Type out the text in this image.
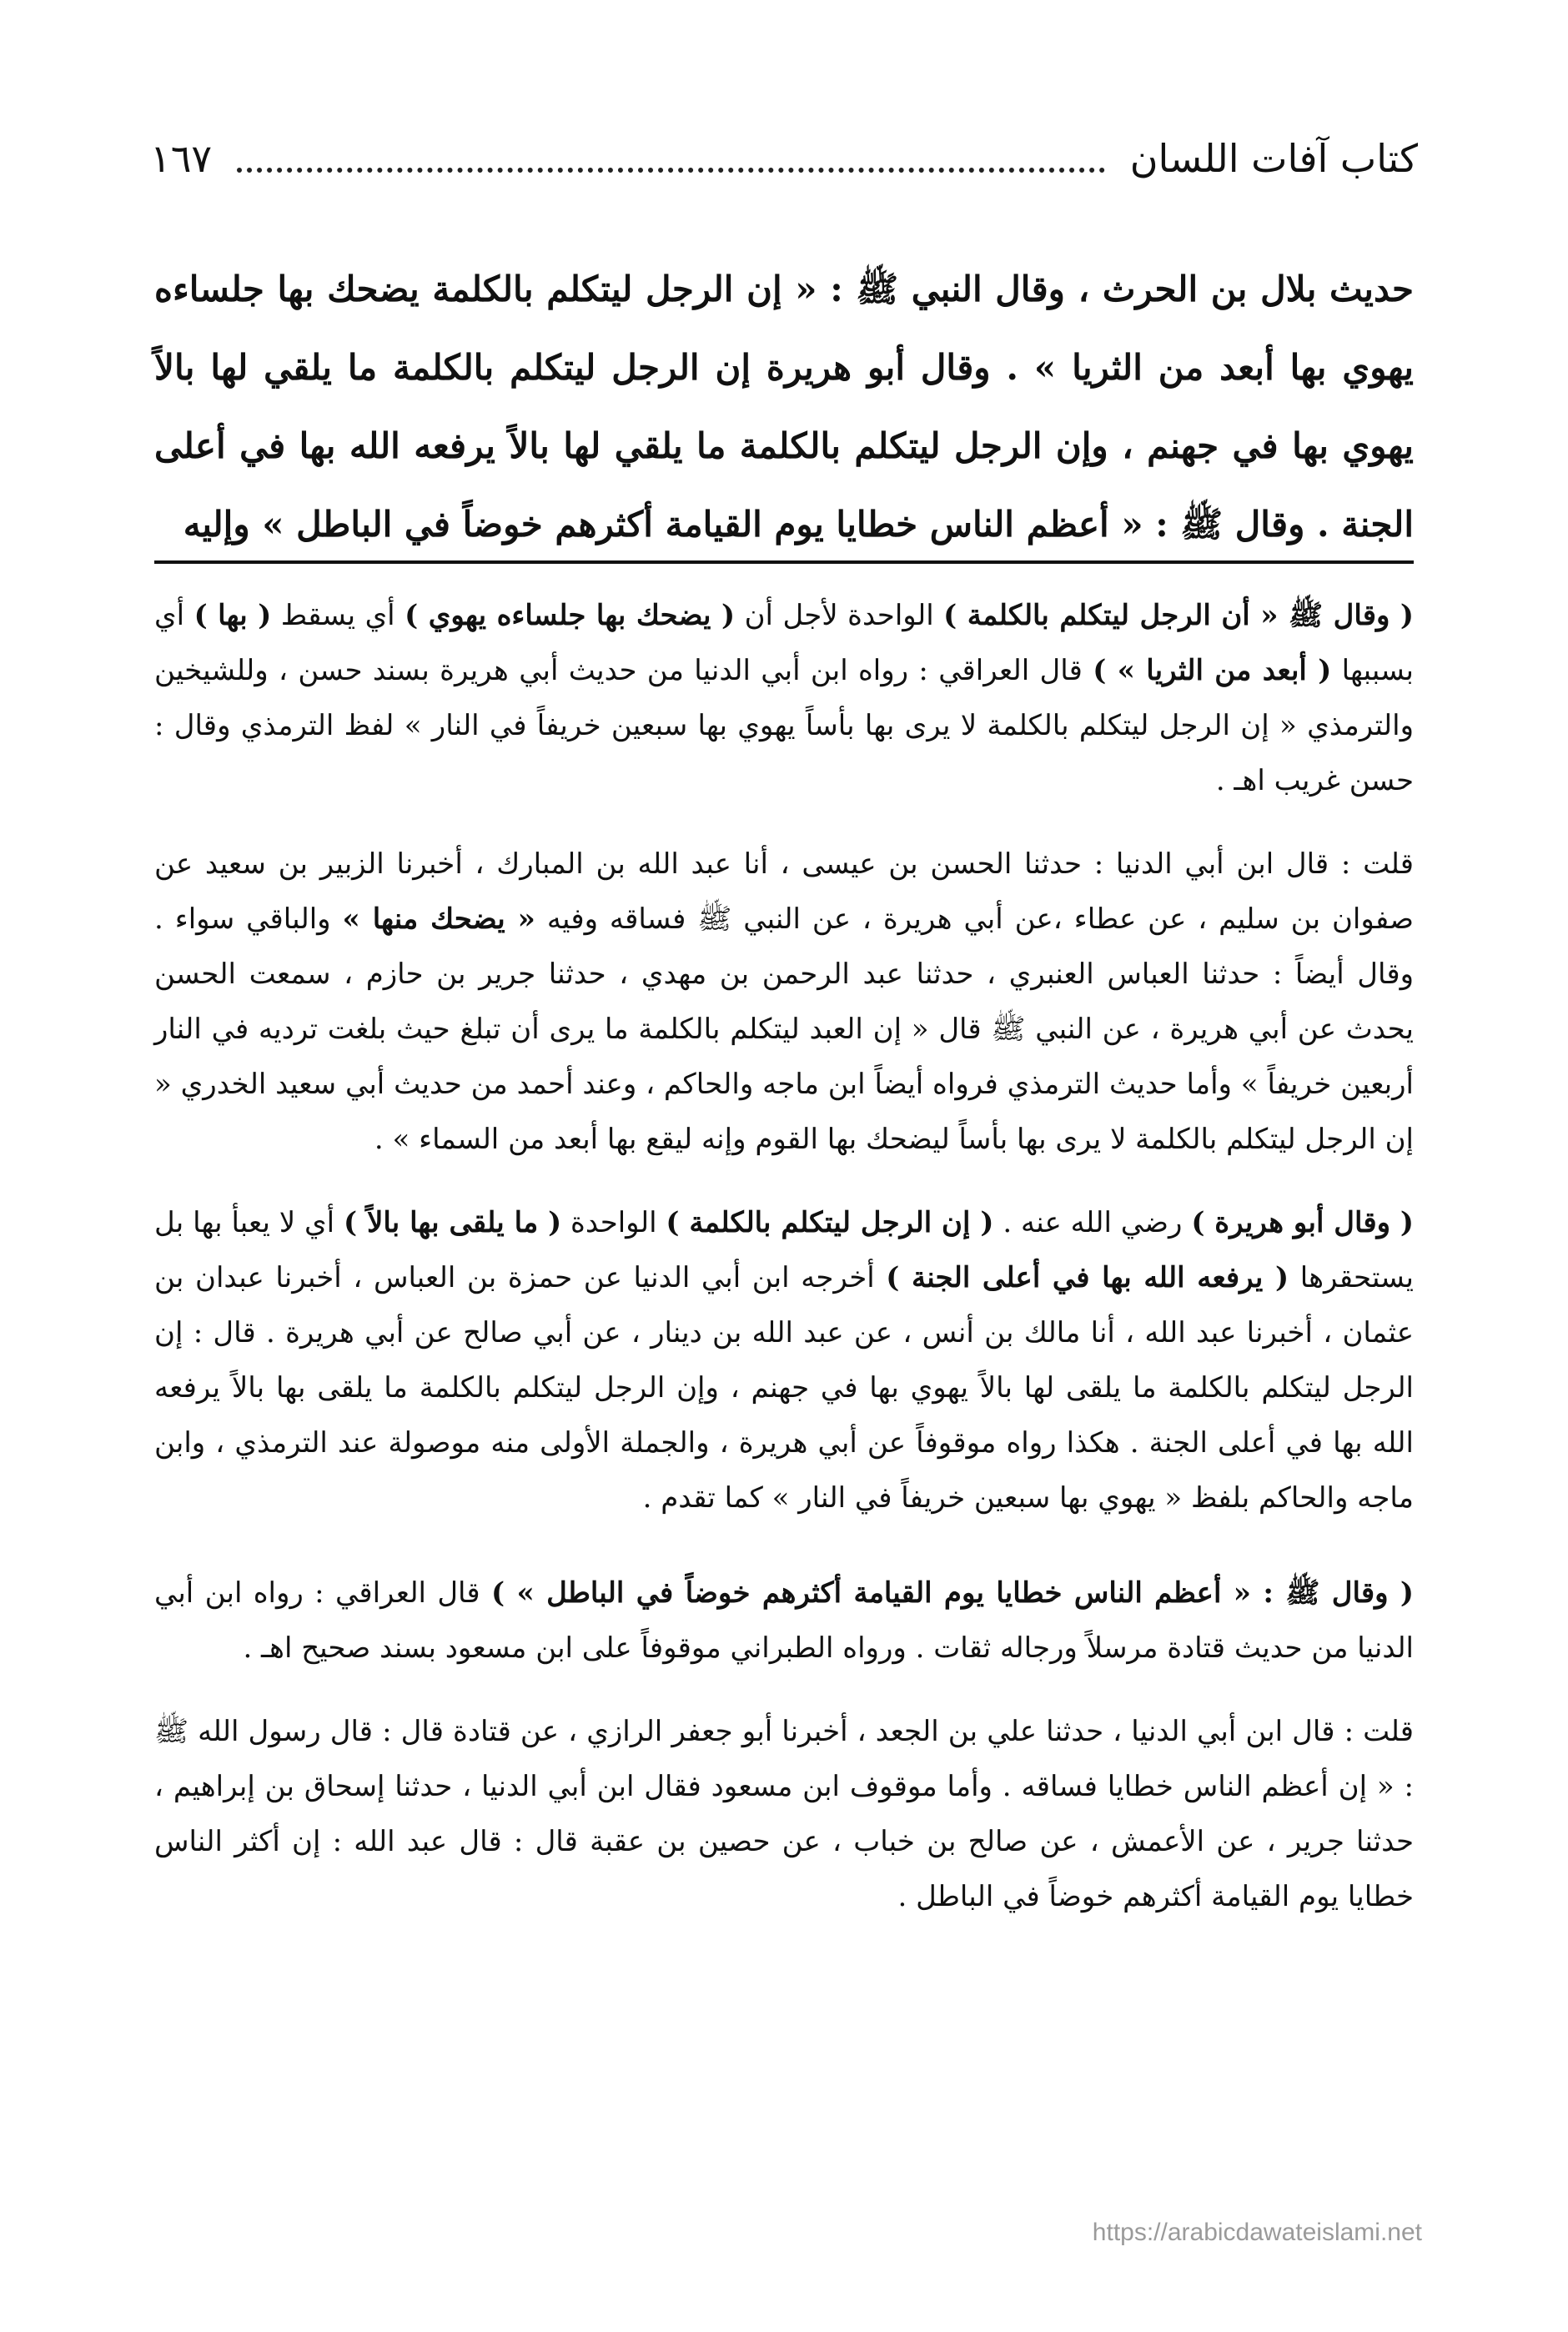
كتاب آفات اللسان
١٦٧

حديث بلال بن الحرث ، وقال النبي ﷺ : « إن الرجل ليتكلم بالكلمة يضحك بها جلساءه يهوي بها أبعد من الثريا » . وقال أبو هريرة إن الرجل ليتكلم بالكلمة ما يلقي لها بالاً يهوي بها في جهنم ، وإن الرجل ليتكلم بالكلمة ما يلقي لها بالاً يرفعه الله بها في أعلى الجنة . وقال ﷺ : « أعظم الناس خطايا يوم القيامة أكثرهم خوضاً في الباطل » وإليه

( وقال ﷺ « أن الرجل ليتكلم بالكلمة ) الواحدة لأجل أن ( يضحك بها جلساءه يهوي ) أي يسقط ( بها ) أي بسببها ( أبعد من الثريا » ) قال العراقي : رواه ابن أبي الدنيا من حديث أبي هريرة بسند حسن ، وللشيخين والترمذي « إن الرجل ليتكلم بالكلمة لا يرى بها بأساً يهوي بها سبعين خريفاً في النار » لفظ الترمذي وقال : حسن غريب اهـ .

قلت : قال ابن أبي الدنيا : حدثنا الحسن بن عيسى ، أنا عبد الله بن المبارك ، أخبرنا الزبير بن سعيد عن صفوان بن سليم ، عن عطاء ،عن أبي هريرة ، عن النبي ﷺ فساقه وفيه « يضحك منها » والباقي سواء . وقال أيضاً : حدثنا العباس العنبري ، حدثنا عبد الرحمن بن مهدي ، حدثنا جرير بن حازم ، سمعت الحسن يحدث عن أبي هريرة ، عن النبي ﷺ قال « إن العبد ليتكلم بالكلمة ما يرى أن تبلغ حيث بلغت ترديه في النار أربعين خريفاً » وأما حديث الترمذي فرواه أيضاً ابن ماجه والحاكم ، وعند أحمد من حديث أبي سعيد الخدري « إن الرجل ليتكلم بالكلمة لا يرى بها بأساً ليضحك بها القوم وإنه ليقع بها أبعد من السماء » .

( وقال أبو هريرة ) رضي الله عنه . ( إن الرجل ليتكلم بالكلمة ) الواحدة ( ما يلقى بها بالاً ) أي لا يعبأ بها بل يستحقرها ( يرفعه الله بها في أعلى الجنة ) أخرجه ابن أبي الدنيا عن حمزة بن العباس ، أخبرنا عبدان بن عثمان ، أخبرنا عبد الله ، أنا مالك بن أنس ، عن عبد الله بن دينار ، عن أبي صالح عن أبي هريرة . قال : إن الرجل ليتكلم بالكلمة ما يلقى لها بالاً يهوي بها في جهنم ، وإن الرجل ليتكلم بالكلمة ما يلقى بها بالاً يرفعه الله بها في أعلى الجنة . هكذا رواه موقوفاً عن أبي هريرة ، والجملة الأولى منه موصولة عند الترمذي ، وابن ماجه والحاكم بلفظ « يهوي بها سبعين خريفاً في النار » كما تقدم .

( وقال ﷺ : « أعظم الناس خطايا يوم القيامة أكثرهم خوضاً في الباطل » ) قال العراقي : رواه ابن أبي الدنيا من حديث قتادة مرسلاً ورجاله ثقات . ورواه الطبراني موقوفاً على ابن مسعود بسند صحيح اهـ .

قلت : قال ابن أبي الدنيا ، حدثنا علي بن الجعد ، أخبرنا أبو جعفر الرازي ، عن قتادة قال : قال رسول الله ﷺ : « إن أعظم الناس خطايا فساقه . وأما موقوف ابن مسعود فقال ابن أبي الدنيا ، حدثنا إسحاق بن إبراهيم ، حدثنا جرير ، عن الأعمش ، عن صالح بن خباب ، عن حصين بن عقبة قال : قال عبد الله : إن أكثر الناس خطايا يوم القيامة أكثرهم خوضاً في الباطل .

https://arabicdawateislami.net
